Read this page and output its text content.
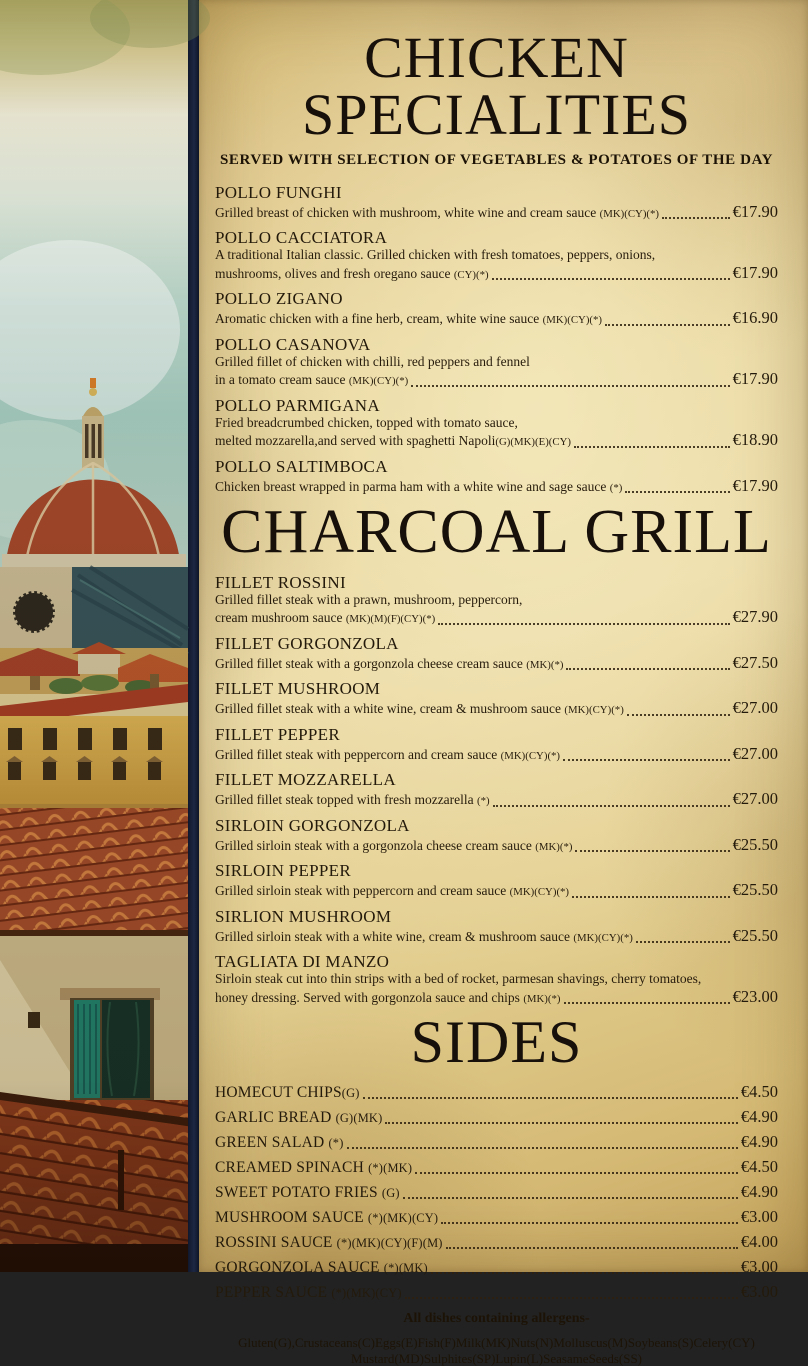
CHICKEN
SPECIALITIES
SERVED WITH SELECTION OF VEGETABLES & POTATOES OF THE DAY
POLLO FUNGHI
Grilled breast of chicken with mushroom, white wine and cream sauce (MK)(CY)(*)	€17.90
POLLO CACCIATORA
A traditional Italian classic. Grilled chicken with fresh tomatoes, peppers, onions,
mushrooms, olives and fresh oregano sauce (CY)(*)	€17.90
POLLO ZIGANO
Aromatic chicken with a fine herb, cream, white wine sauce (MK)(CY)(*)	€16.90
POLLO CASANOVA
Grilled fillet of chicken with chilli, red peppers and fennel
in a tomato cream sauce (MK)(CY)(*)	€17.90
POLLO PARMIGANA
Fried breadcrumbed chicken, topped with tomato sauce,
melted mozzarella,and served with spaghetti Napoli(G)(MK)(E)(CY)	€18.90
POLLO SALTIMBOCA
Chicken breast wrapped in parma ham with a white wine and sage sauce (*)	€17.90
CHARCOAL GRILL
FILLET ROSSINI
Grilled fillet steak with a prawn, mushroom, peppercorn,
cream mushroom sauce (MK)(M)(F)(CY)(*)	€27.90
FILLET GORGONZOLA
Grilled fillet steak with a gorgonzola cheese cream sauce (MK)(*)	€27.50
FILLET MUSHROOM
Grilled fillet steak with a white wine, cream & mushroom sauce (MK)(CY)(*)	€27.00
FILLET PEPPER
Grilled fillet steak with peppercorn and cream sauce (MK)(CY)(*)	€27.00
FILLET MOZZARELLA
Grilled fillet steak topped with fresh mozzarella (*)	€27.00
SIRLOIN GORGONZOLA
Grilled sirloin steak with a gorgonzola cheese cream sauce (MK)(*)	€25.50
SIRLOIN PEPPER
Grilled sirloin steak with peppercorn and cream sauce (MK)(CY)(*)	€25.50
SIRLION MUSHROOM
Grilled sirloin steak with a white wine, cream & mushroom sauce (MK)(CY)(*)	€25.50
TAGLIATA DI MANZO
Sirloin steak cut into thin strips with a bed of rocket, parmesan shavings, cherry tomatoes,
honey dressing. Served with gorgonzola sauce and chips (MK)(*)	€23.00
SIDES
HOMECUT CHIPS(G)	€4.50
GARLIC BREAD (G)(MK)	€4.90
GREEN SALAD (*)	€4.90
CREAMED SPINACH (*)(MK)	€4.50
SWEET POTATO FRIES (G)	€4.90
MUSHROOM SAUCE (*)(MK)(CY)	€3.00
ROSSINI SAUCE (*)(MK)(CY)(F)(M)	€4.00
GORGONZOLA SAUCE (*)(MK)	€3.00
PEPPER SAUCE (*)(MK)(CY)	€3.00
All dishes containing allergens-
Gluten(G),Crustaceans(C)Eggs(E)Fish(F)Milk(MK)Nuts(N)Molluscus(M)Soybeans(S)Celery(CY)
Mustard(MD)Sulphites(SP)Lupin(L)SeasameSeeds(SS)
